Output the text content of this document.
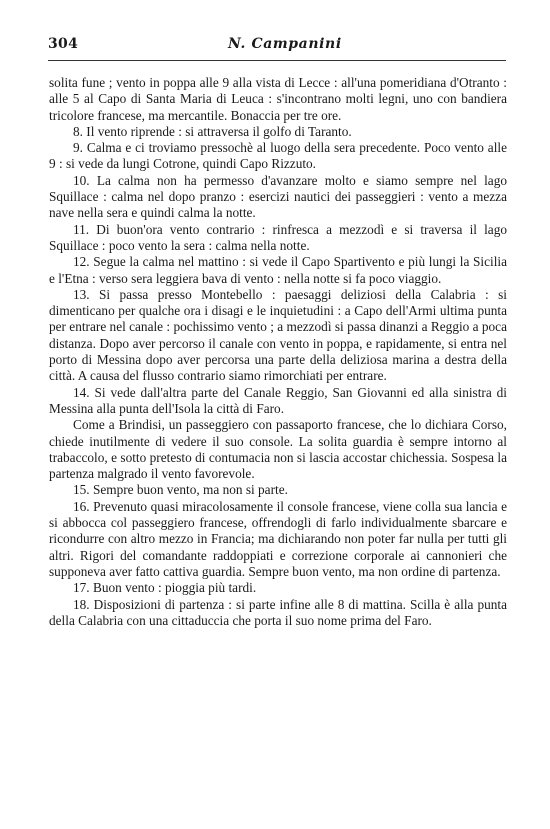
304	N. Campanini

solita fune ; vento in poppa alle 9 alla vista di Lecce : all'una pomeridiana d'Otranto : alle 5 al Capo di Santa Maria di Leuca : s'incontrano molti legni, uno con bandiera tricolore francese, ma mercantile. Bonaccia per tre ore.

8. Il vento riprende : si attraversa il golfo di Taranto.

9. Calma e ci troviamo pressochè al luogo della sera precedente. Poco vento alle 9 : si vede da lungi Cotrone, quindi Capo Rizzuto.

10. La calma non ha permesso d'avanzare molto e siamo sempre nel lago Squillace : calma nel dopo pranzo : esercizi nautici dei passeggieri : vento a mezza nave nella sera e quindi calma la notte.

11. Di buon'ora vento contrario : rinfresca a mezzodì e si traversa il lago Squillace : poco vento la sera : calma nella notte.

12. Segue la calma nel mattino : si vede il Capo Spartivento e più lungi la Sicilia e l'Etna : verso sera leggiera bava di vento : nella notte si fa poco viaggio.

13. Si passa presso Montebello : paesaggi deliziosi della Calabria : si dimenticano per qualche ora i disagi e le inquietudini : a Capo dell'Armi ultima punta per entrare nel canale : pochissimo vento ; a mezzodì si passa dinanzi a Reggio a poca distanza. Dopo aver percorso il canale con vento in poppa, e rapidamente, si entra nel porto di Messina dopo aver percorsa una parte della deliziosa marina a destra della città. A causa del flusso contrario siamo rimorchiati per entrare.

14. Si vede dall'altra parte del Canale Reggio, San Giovanni ed alla sinistra di Messina alla punta dell'Isola la città di Faro.

Come a Brindisi, un passeggiero con passaporto francese, che lo dichiara Corso, chiede inutilmente di vedere il suo console. La solita guardia è sempre intorno al trabaccolo, e sotto pretesto di contumacia non si lascia accostar chichessia. Sospesa la partenza malgrado il vento favorevole.

15. Sempre buon vento, ma non si parte.

16. Prevenuto quasi miracolosamente il console francese, viene colla sua lancia e si abbocca col passeggiero francese, offrendogli di farlo individualmente sbarcare e ricondurre con altro mezzo in Francia; ma dichiarando non poter far nulla per tutti gli altri. Rigori del comandante raddoppiati e correzione corporale ai cannonieri che supponeva aver fatto cattiva guardia. Sempre buon vento, ma non ordine di partenza.

17. Buon vento : pioggia più tardi.

18. Disposizioni di partenza : si parte infine alle 8 di mattina. Scilla è alla punta della Calabria con una cittaduccia che porta il suo nome prima del Faro.
